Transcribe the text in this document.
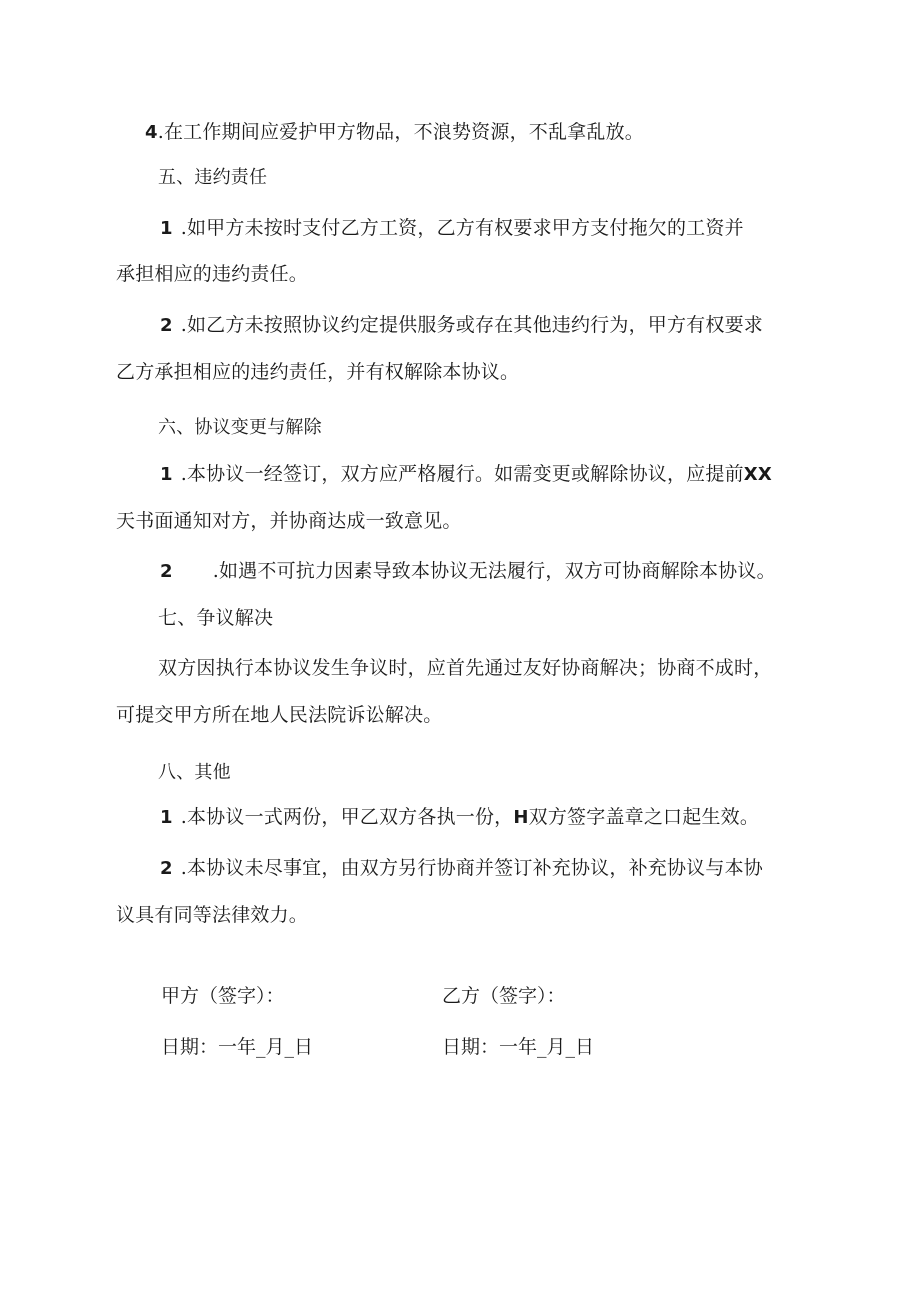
4.在工作期间应爱护甲方物品，不浪势资源，不乱拿乱放。
五、违约责任
1 .如甲方未按时支付乙方工资，乙方有权要求甲方支付拖欠的工资并
承担相应的违约责任。
2 .如乙方未按照协议约定提供服务或存在其他违约行为，甲方有权要求
乙方承担相应的违约责任，并有权解除本协议。
六、协议变更与解除
1 .本协议一经签订，双方应严格履行。如需变更或解除协议，应提前XX
天书面通知对方，并协商达成一致意见。
2 .如遇不可抗力因素导致本协议无法履行，双方可协商解除本协议。
七、争议解决
双方因执行本协议发生争议时，应首先通过友好协商解决；协商不成时，
可提交甲方所在地人民法院诉讼解决。
八、其他
1 .本协议一式两份，甲乙双方各执一份，H双方签字盖章之口起生效。
2 .本协议未尽事宜，由双方另行协商并签订补充协议，补充协议与本协
议具有同等法律效力。
甲方（签字）：	乙方（签字）：
日期：一年_月_日	日期：一年_月_日
